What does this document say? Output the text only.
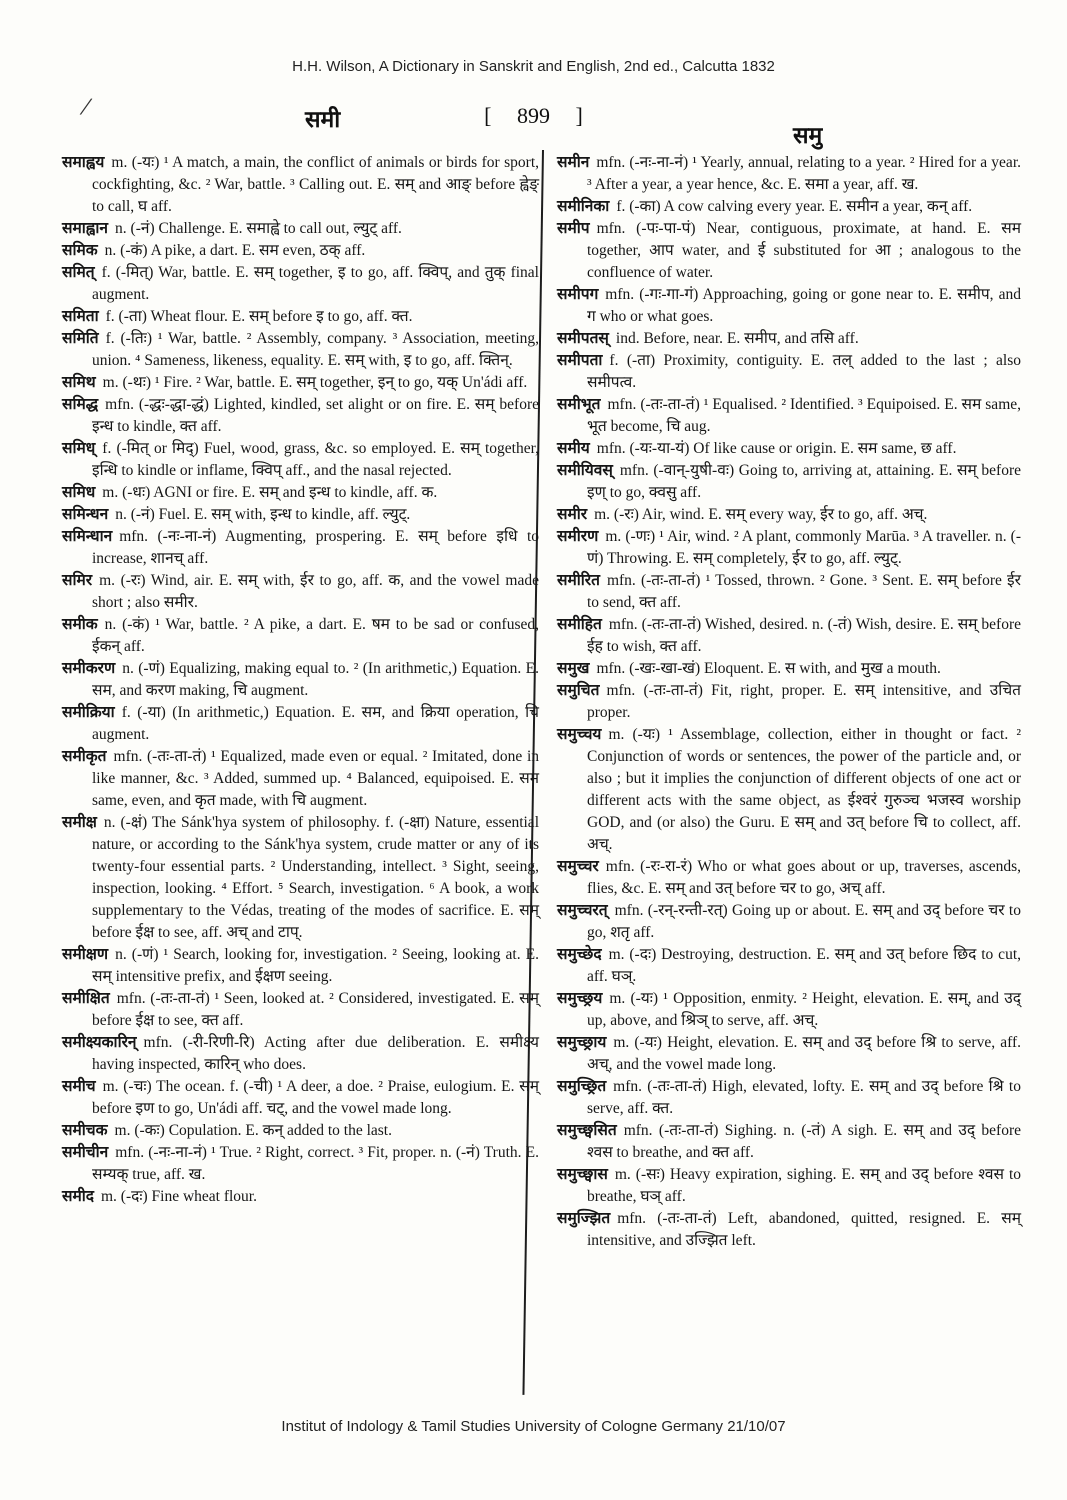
H.H. Wilson, A Dictionary in Sanskrit and English, 2nd ed., Calcutta 1832
/	समी	[ 899 ]
समु

समाह्वय m. (-यः) ¹ A match, a main, the conflict of animals or birds for sport, cockfighting, &c. ² War, battle. ³ Calling out. E. सम् and आङ् before ह्वेङ् to call, घ aff.

समाह्वान n. (-नं) Challenge. E. समाह्वे to call out, ल्युट् aff.

समिक n. (-कं) A pike, a dart. E. सम even, ठक् aff.

समित् f. (-मित्) War, battle. E. सम् together, इ to go, aff. क्विप्, and तुक् final augment.

समिता f. (-ता) Wheat flour. E. सम् before इ to go, aff. क्त.

समिति f. (-तिः) ¹ War, battle. ² Assembly, company. ³ Association, meeting, union. ⁴ Sameness, likeness, equality. E. सम् with, इ to go, aff. क्तिन्.

समिथ m. (-थः) ¹ Fire. ² War, battle. E. सम् together, इन् to go, यक् Un'ádi aff.

समिद्ध mfn. (-द्धः-द्धा-द्धं) Lighted, kindled, set alight or on fire. E. सम् before इन्ध to kindle, क्त aff.

समिध् f. (-मित् or मिद्) Fuel, wood, grass, &c. so employed. E. सम् together, इन्धि to kindle or inflame, क्विप् aff., and the nasal rejected.

समिध m. (-धः) AGNI or fire. E. सम् and इन्ध to kindle, aff. क.

समिन्धन n. (-नं) Fuel. E. सम् with, इन्ध to kindle, aff. ल्युट्.

समिन्धान mfn. (-नः-ना-नं) Augmenting, prospering. E. सम् before इधि to increase, शानच् aff.

समिर m. (-रः) Wind, air. E. सम् with, ईर to go, aff. क, and the vowel made short ; also समीर.

समीक n. (-कं) ¹ War, battle. ² A pike, a dart. E. षम to be sad or confused, ईकन् aff.

समीकरण n. (-णं) Equalizing, making equal to. ² (In arithmetic,) Equation. E. सम, and करण making, चि augment.

समीक्रिया f. (-या) (In arithmetic,) Equation. E. सम, and क्रिया operation, चि augment.

समीकृत mfn. (-तः-ता-तं) ¹ Equalized, made even or equal. ² Imitated, done in like manner, &c. ³ Added, summed up. ⁴ Balanced, equipoised. E. सम same, even, and कृत made, with चि augment.

समीक्ष n. (-क्षं) The Sánk'hya system of philosophy. f. (-क्षा) Nature, essential nature, or according to the Sánk'hya system, crude matter or any of its twenty-four essential parts. ² Understanding, intellect. ³ Sight, seeing, inspection, looking. ⁴ Effort. ⁵ Search, investigation. ⁶ A book, a work supplementary to the Védas, treating of the modes of sacrifice. E. सम् before ईक्ष to see, aff. अच् and टाप्.

समीक्षण n. (-णं) ¹ Search, looking for, investigation. ² Seeing, looking at. E. सम् intensitive prefix, and ईक्षण seeing.

समीक्षित mfn. (-तः-ता-तं) ¹ Seen, looked at. ² Considered, investigated. E. सम् before ईक्ष to see, क्त aff.

समीक्ष्यकारिन् mfn. (-री-रिणी-रि) Acting after due deliberation. E. समीक्ष्य having inspected, कारिन् who does.

समीच m. (-चः) The ocean. f. (-ची) ¹ A deer, a doe. ² Praise, eulogium. E. सम् before इण to go, Un'ádi aff. चट्, and the vowel made long.

समीचक m. (-कः) Copulation. E. कन् added to the last.

समीचीन mfn. (-नः-ना-नं) ¹ True. ² Right, correct. ³ Fit, proper. n. (-नं) Truth. E. सम्यक् true, aff. ख.

समीद m. (-दः) Fine wheat flour.

समीन mfn. (-नः-ना-नं) ¹ Yearly, annual, relating to a year. ² Hired for a year. ³ After a year, a year hence, &c. E. समा a year, aff. ख.

समीनिका f. (-का) A cow calving every year. E. समीन a year, कन् aff.

समीप mfn. (-पः-पा-पं) Near, contiguous, proximate, at hand. E. सम together, आप water, and ई substituted for आ ; analogous to the confluence of water.

समीपग mfn. (-गः-गा-गं) Approaching, going or gone near to. E. समीप, and ग who or what goes.

समीपतस् ind. Before, near. E. समीप, and तसि aff.

समीपता f. (-ता) Proximity, contiguity. E. तल् added to the last ; also समीपत्व.

समीभूत mfn. (-तः-ता-तं) ¹ Equalised. ² Identified. ³ Equipoised. E. सम same, भूत become, चि aug.

समीय mfn. (-यः-या-यं) Of like cause or origin. E. सम same, छ aff.

समीयिवस् mfn. (-वान्-युषी-वः) Going to, arriving at, attaining. E. सम् before इण् to go, क्वसु aff.

समीर m. (-रः) Air, wind. E. सम् every way, ईर to go, aff. अच्.

समीरण m. (-णः) ¹ Air, wind. ² A plant, commonly Marūa. ³ A traveller. n. (-णं) Throwing. E. सम् completely, ईर to go, aff. ल्युट्.

समीरित mfn. (-तः-ता-तं) ¹ Tossed, thrown. ² Gone. ³ Sent. E. सम् before ईर to send, क्त aff.

समीहित mfn. (-तः-ता-तं) Wished, desired. n. (-तं) Wish, desire. E. सम् before ईह to wish, क्त aff.

समुख mfn. (-खः-खा-खं) Eloquent. E. स with, and मुख a mouth.

समुचित mfn. (-तः-ता-तं) Fit, right, proper. E. सम् intensitive, and उचित proper.

समुच्चय m. (-यः) ¹ Assemblage, collection, either in thought or fact. ² Conjunction of words or sentences, the power of the particle and, or also ; but it implies the conjunction of different objects of one act or different acts with the same object, as ईश्वरं गुरुञ्च भजस्व worship GOD, and (or also) the Guru. E सम् and उत् before चि to collect, aff. अच्.

समुच्चर mfn. (-रः-रा-रं) Who or what goes about or up, traverses, ascends, flies, &c. E. सम् and उत् before चर to go, अच् aff.

समुच्चरत् mfn. (-रन्-रन्ती-रत्) Going up or about. E. सम् and उद् before चर to go, शतृ aff.

समुच्छेद m. (-दः) Destroying, destruction. E. सम् and उत् before छिद to cut, aff. घञ्.

समुच्छ्रय m. (-यः) ¹ Opposition, enmity. ² Height, elevation. E. सम्, and उद् up, above, and श्रिञ् to serve, aff. अच्.

समुच्छ्राय m. (-यः) Height, elevation. E. सम् and उद् before श्रि to serve, aff. अच्, and the vowel made long.

समुच्छ्रित mfn. (-तः-ता-तं) High, elevated, lofty. E. सम् and उद् before श्रि to serve, aff. क्त.

समुच्छ्वसित mfn. (-तः-ता-तं) Sighing. n. (-तं) A sigh. E. सम् and उद् before श्वस to breathe, and क्त aff.

समुच्छ्वास m. (-सः) Heavy expiration, sighing. E. सम् and उद् before श्वस to breathe, घञ् aff.

समुज्झित mfn. (-तः-ता-तं) Left, abandoned, quitted, resigned. E. सम् intensitive, and उज्झित left.

Institut of Indology & Tamil Studies University of Cologne Germany 21/10/07
